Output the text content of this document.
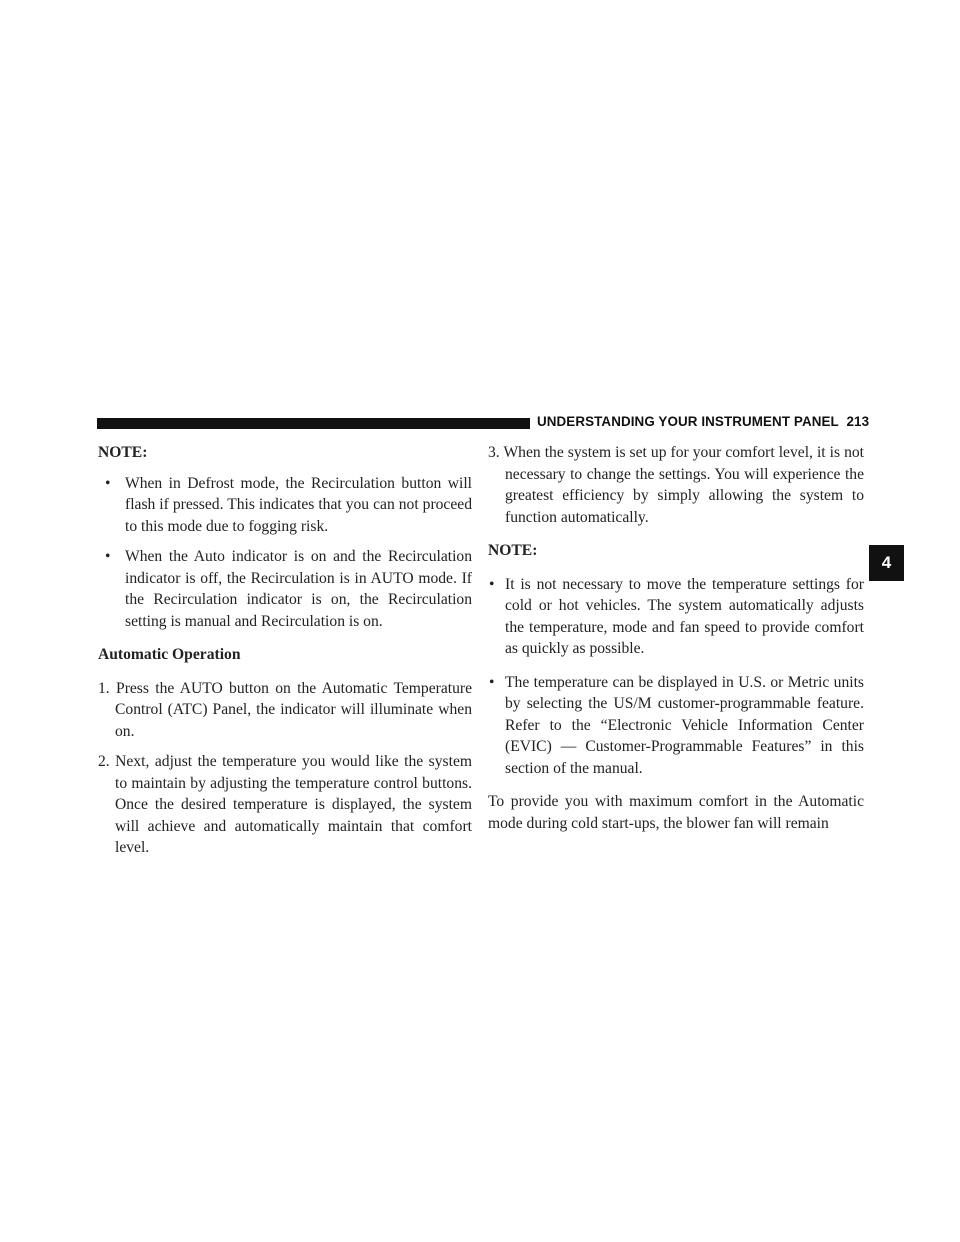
UNDERSTANDING YOUR INSTRUMENT PANEL 213
4

NOTE:

• When in Defrost mode, the Recirculation button will flash if pressed. This indicates that you can not proceed to this mode due to fogging risk.

• When the Auto indicator is on and the Recirculation indicator is off, the Recirculation is in AUTO mode. If the Recirculation indicator is on, the Recirculation setting is manual and Recirculation is on.

Automatic Operation

1. Press the AUTO button on the Automatic Temperature Control (ATC) Panel, the indicator will illuminate when on.

2. Next, adjust the temperature you would like the system to maintain by adjusting the temperature control buttons. Once the desired temperature is displayed, the system will achieve and automatically maintain that comfort level.

3. When the system is set up for your comfort level, it is not necessary to change the settings. You will experience the greatest efficiency by simply allowing the system to function automatically.

NOTE:

• It is not necessary to move the temperature settings for cold or hot vehicles. The system automatically adjusts the temperature, mode and fan speed to provide comfort as quickly as possible.

• The temperature can be displayed in U.S. or Metric units by selecting the US/M customer-programmable feature. Refer to the “Electronic Vehicle Information Center (EVIC) — Customer-Programmable Features” in this section of the manual.

To provide you with maximum comfort in the Automatic mode during cold start-ups, the blower fan will remain
